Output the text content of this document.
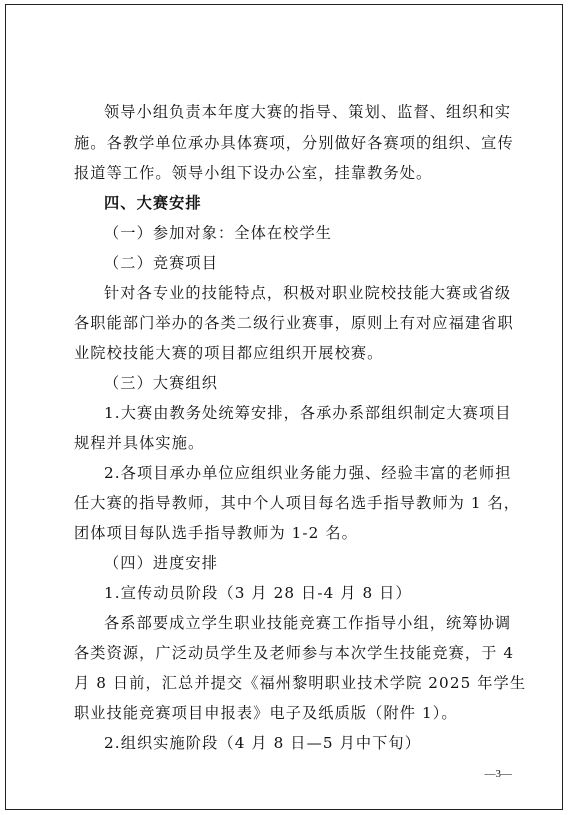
领导小组负责本年度大赛的指导、策划、监督、组织和实
施。各教学单位承办具体赛项，分别做好各赛项的组织、宣传
报道等工作。领导小组下设办公室，挂靠教务处。
四、大赛安排
（一）参加对象：全体在校学生
（二）竞赛项目
针对各专业的技能特点，积极对职业院校技能大赛或省级
各职能部门举办的各类二级行业赛事，原则上有对应福建省职
业院校技能大赛的项目都应组织开展校赛。
（三）大赛组织
1.大赛由教务处统筹安排，各承办系部组织制定大赛项目
规程并具体实施。
2.各项目承办单位应组织业务能力强、经验丰富的老师担
任大赛的指导教师，其中个人项目每名选手指导教师为 1 名，
团体项目每队选手指导教师为 1-2 名。
（四）进度安排
1.宣传动员阶段（3 月 28 日-4 月 8 日）
各系部要成立学生职业技能竞赛工作指导小组，统筹协调
各类资源，广泛动员学生及老师参与本次学生技能竞赛，于 4
月 8 日前，汇总并提交《福州黎明职业技术学院 2025 年学生
职业技能竞赛项目申报表》电子及纸质版（附件 1）。
2.组织实施阶段（4 月 8 日—5 月中下旬）
—3—
